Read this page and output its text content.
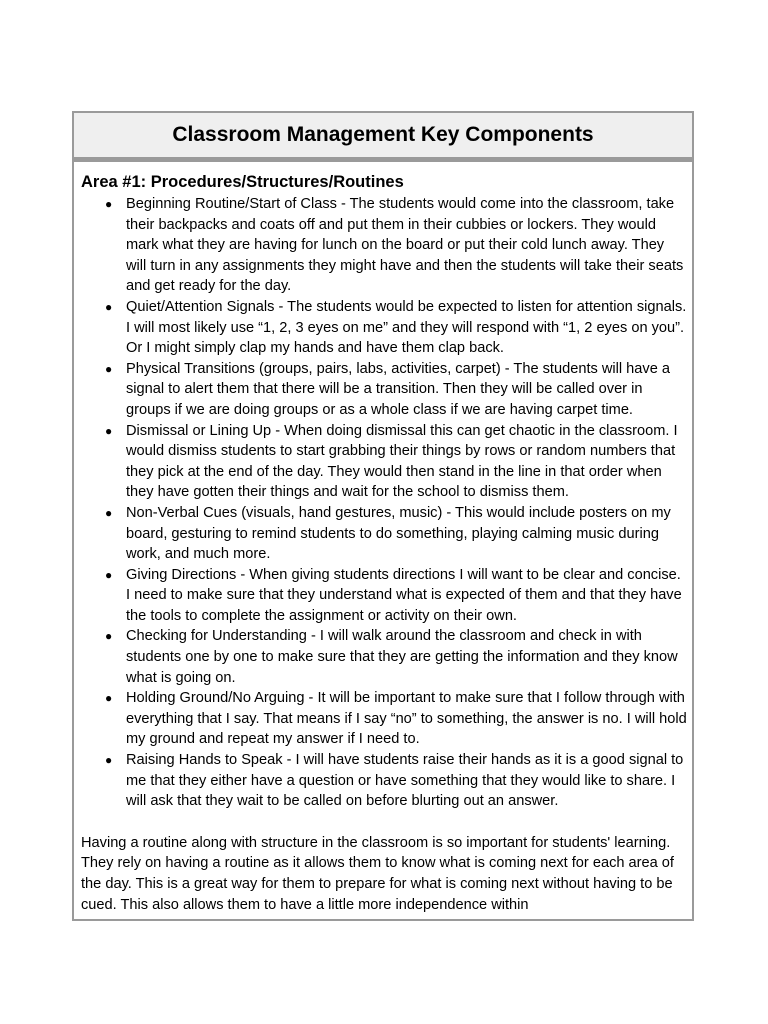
Classroom Management Key Components
Area #1: Procedures/Structures/Routines
● Beginning Routine/Start of Class - The students would come into the classroom, take their backpacks and coats off and put them in their cubbies or lockers. They would mark what they are having for lunch on the board or put their cold lunch away. They will turn in any assignments they might have and then the students will take their seats and get ready for the day.
● Quiet/Attention Signals - The students would be expected to listen for attention signals. I will most likely use “1, 2, 3 eyes on me” and they will respond with “1, 2 eyes on you”. Or I might simply clap my hands and have them clap back.
● Physical Transitions (groups, pairs, labs, activities, carpet) - The students will have a signal to alert them that there will be a transition. Then they will be called over in groups if we are doing groups or as a whole class if we are having carpet time.
● Dismissal or Lining Up - When doing dismissal this can get chaotic in the classroom. I would dismiss students to start grabbing their things by rows or random numbers that they pick at the end of the day. They would then stand in the line in that order when they have gotten their things and wait for the school to dismiss them.
● Non-Verbal Cues (visuals, hand gestures, music) - This would include posters on my board, gesturing to remind students to do something, playing calming music during work, and much more.
● Giving Directions - When giving students directions I will want to be clear and concise. I need to make sure that they understand what is expected of them and that they have the tools to complete the assignment or activity on their own.
● Checking for Understanding - I will walk around the classroom and check in with students one by one to make sure that they are getting the information and they know what is going on.
● Holding Ground/No Arguing - It will be important to make sure that I follow through with everything that I say. That means if I say “no” to something, the answer is no. I will hold my ground and repeat my answer if I need to.
● Raising Hands to Speak - I will have students raise their hands as it is a good signal to me that they either have a question or have something that they would like to share. I will ask that they wait to be called on before blurting out an answer.

Having a routine along with structure in the classroom is so important for students' learning. They rely on having a routine as it allows them to know what is coming next for each area of the day. This is a great way for them to prepare for what is coming next without having to be cued. This also allows them to have a little more independence within
